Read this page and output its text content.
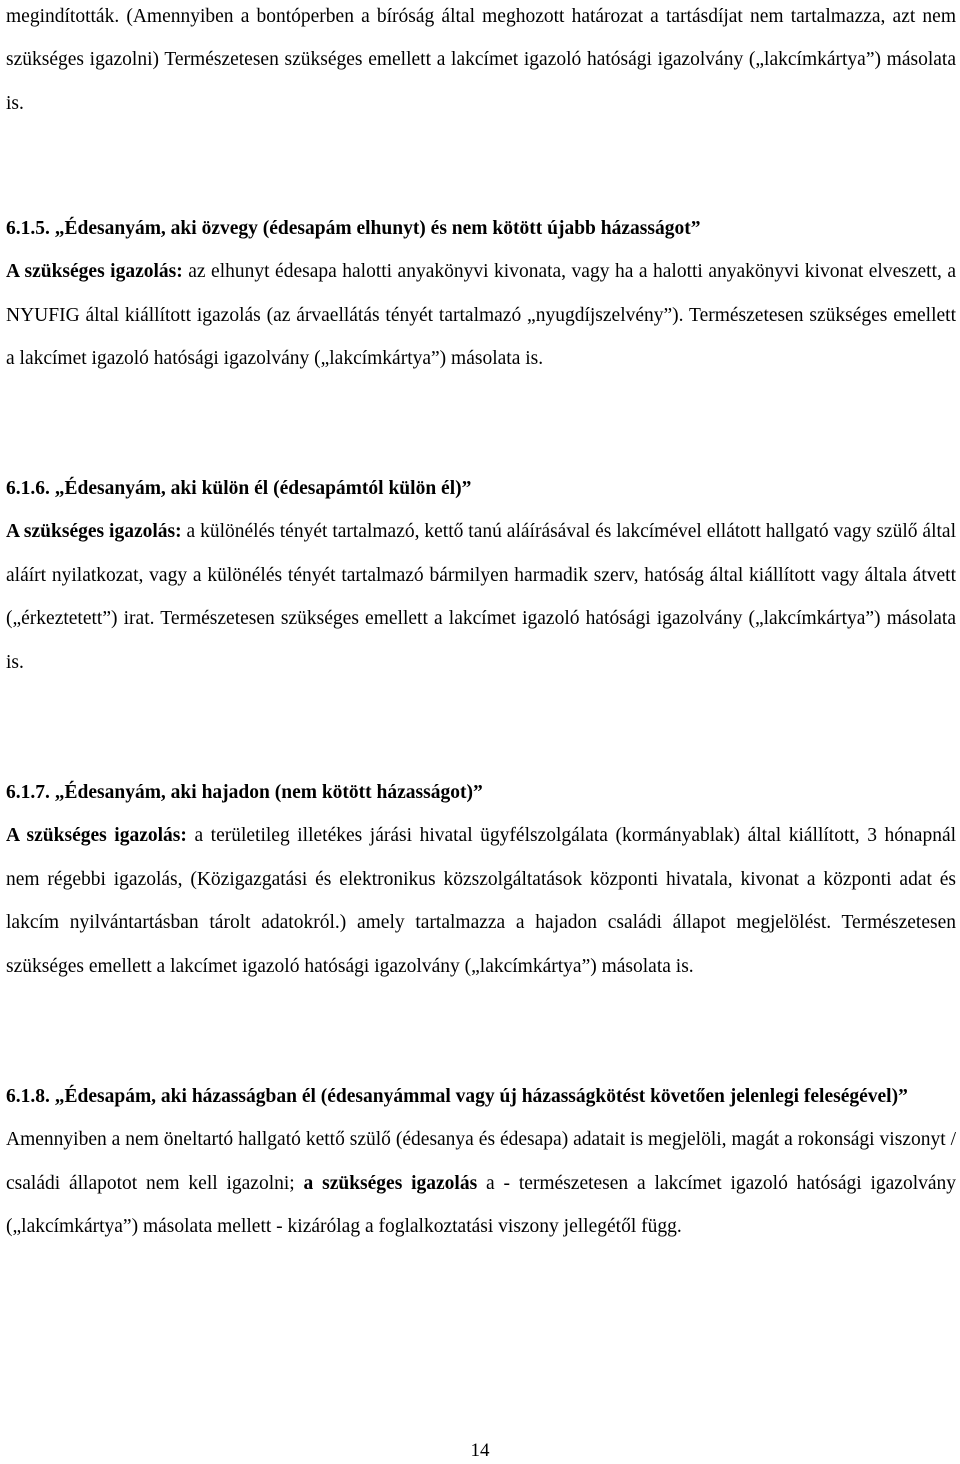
megindították. (Amennyiben a bontóperben a bíróság által meghozott határozat a tartásdíjat nem tartalmazza, azt nem szükséges igazolni) Természetesen szükséges emellett a lakcímet igazoló hatósági igazolvány („lakcímkártya”) másolata is.

6.1.5. „Édesanyám, aki özvegy (édesapám elhunyt) és nem kötött újabb házasságot”

A szükséges igazolás: az elhunyt édesapa halotti anyakönyvi kivonata, vagy ha a halotti anyakönyvi kivonat elveszett, a NYUFIG által kiállított igazolás (az árvaellátás tényét tartalmazó „nyugdíjszelvény”). Természetesen szükséges emellett a lakcímet igazoló hatósági igazolvány („lakcímkártya”) másolata is.

6.1.6. „Édesanyám, aki külön él (édesapámtól külön él)”

A szükséges igazolás: a különélés tényét tartalmazó, kettő tanú aláírásával és lakcímével ellátott hallgató vagy szülő által aláírt nyilatkozat, vagy a különélés tényét tartalmazó bármilyen harmadik szerv, hatóság által kiállított vagy általa átvett („érkeztetett”) irat. Természetesen szükséges emellett a lakcímet igazoló hatósági igazolvány („lakcímkártya”) másolata is.

6.1.7. „Édesanyám, aki hajadon (nem kötött házasságot)”

A szükséges igazolás: a területileg illetékes járási hivatal ügyfélszolgálata (kormányablak) által kiállított, 3 hónapnál nem régebbi igazolás, (Közigazgatási és elektronikus közszolgáltatások központi hivatala, kivonat a központi adat és lakcím nyilvántartásban tárolt adatokról.) amely tartalmazza a hajadon családi állapot megjelölést. Természetesen szükséges emellett a lakcímet igazoló hatósági igazolvány („lakcímkártya”) másolata is.

6.1.8. „Édesapám, aki házasságban él (édesanyámmal vagy új házasságkötést követően jelenlegi feleségével)”

Amennyiben a nem öneltartó hallgató kettő szülő (édesanya és édesapa) adatait is megjelöli, magát a rokonsági viszonyt / családi állapotot nem kell igazolni; a szükséges igazolás a - természetesen a lakcímet igazoló hatósági igazolvány („lakcímkártya”) másolata mellett - kizárólag a foglalkoztatási viszony jellegétől függ.

14
